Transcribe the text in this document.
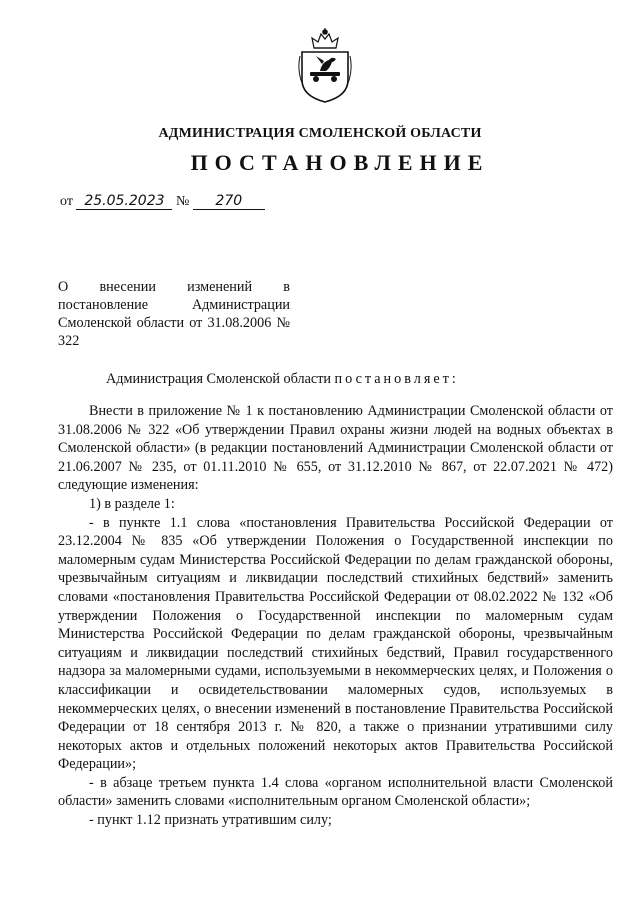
АДМИНИСТРАЦИЯ СМОЛЕНСКОЙ ОБЛАСТИ
ПОСТАНОВЛЕНИЕ
от 25.05.2023 № 270
О внесении изменений в постановление Администрации Смоленской области от 31.08.2006 № 322
Администрация Смоленской области постановляет:

Внести в приложение № 1 к постановлению Администрации Смоленской области от 31.08.2006 № 322 «Об утверждении Правил охраны жизни людей на водных объектах в Смоленской области» (в редакции постановлений Администрации Смоленской области от 21.06.2007 № 235, от 01.11.2010 № 655, от 31.12.2010 № 867, от 22.07.2021 № 472) следующие изменения:

1) в разделе 1:

- в пункте 1.1 слова «постановления Правительства Российской Федерации от 23.12.2004 № 835 «Об утверждении Положения о Государственной инспекции по маломерным судам Министерства Российской Федерации по делам гражданской обороны, чрезвычайным ситуациям и ликвидации последствий стихийных бедствий» заменить словами «постановления Правительства Российской Федерации от 08.02.2022 № 132 «Об утверждении Положения о Государственной инспекции по маломерным судам Министерства Российской Федерации по делам гражданской обороны, чрезвычайным ситуациям и ликвидации последствий стихийных бедствий, Правил государственного надзора за маломерными судами, используемыми в некоммерческих целях, и Положения о классификации и освидетельствовании маломерных судов, используемых в некоммерческих целях, о внесении изменений в постановление Правительства Российской Федерации от 18 сентября 2013 г. № 820, а также о признании утратившими силу некоторых актов и отдельных положений некоторых актов Правительства Российской Федерации»;

- в абзаце третьем пункта 1.4 слова «органом исполнительной власти Смоленской области» заменить словами «исполнительным органом Смоленской области»;

- пункт 1.12 признать утратившим силу;
